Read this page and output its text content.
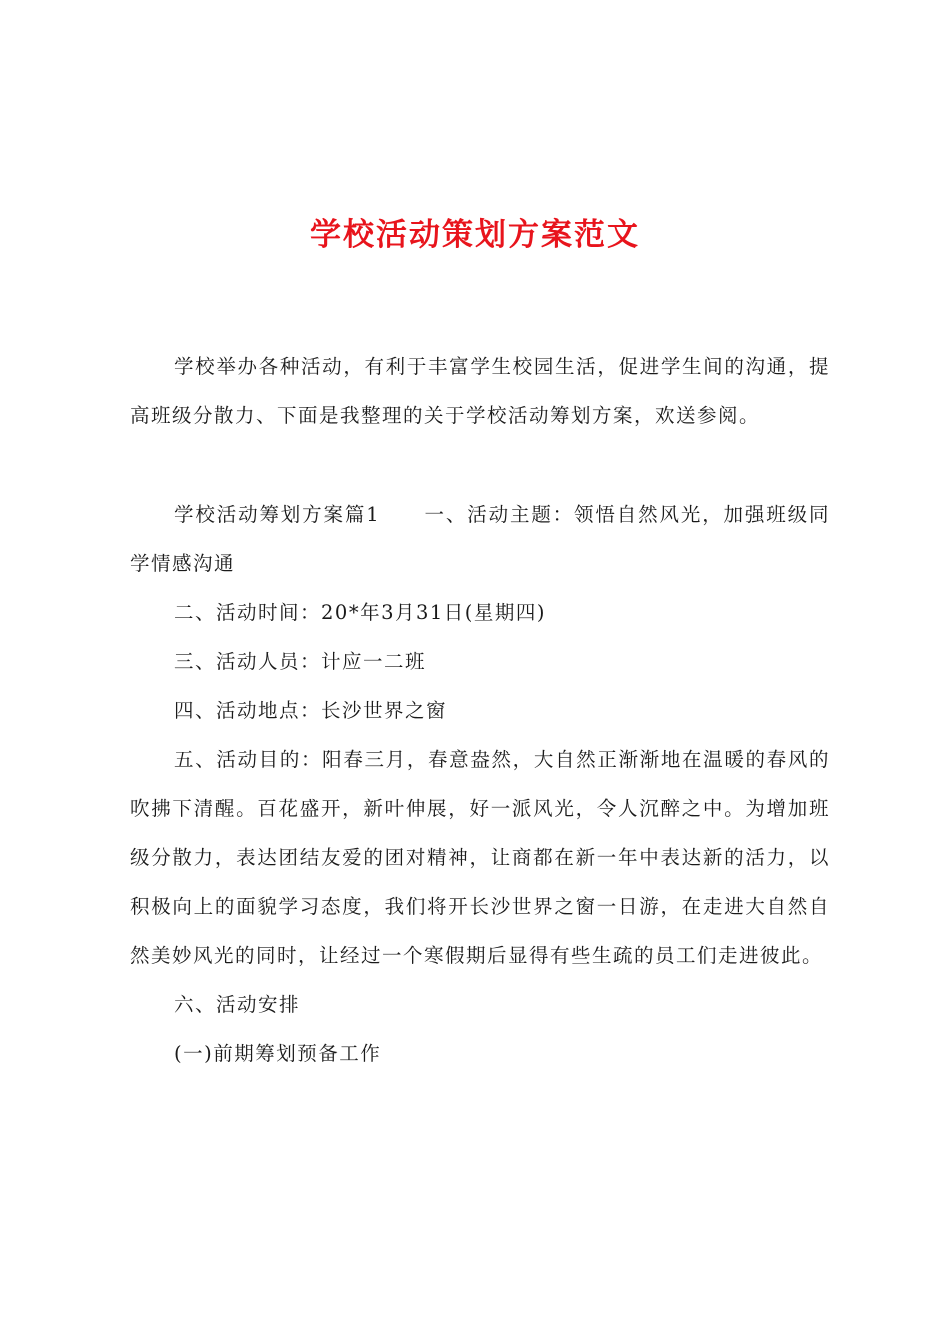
学校活动策划方案范文

学校举办各种活动，有利于丰富学生校园生活，促进学生间的沟通，提高班级分散力、下面是我整理的关于学校活动筹划方案，欢送参阅。

学校活动筹划方案篇1 一、活动主题：领悟自然风光，加强班级同学情感沟通

二、活动时间：20*年3月31日(星期四)

三、活动人员：计应一二班

四、活动地点：长沙世界之窗

五、活动目的：阳春三月，春意盎然，大自然正渐渐地在温暖的春风的吹拂下清醒。百花盛开，新叶伸展，好一派风光，令人沉醉之中。为增加班级分散力，表达团结友爱的团对精神，让商都在新一年中表达新的活力，以积极向上的面貌学习态度，我们将开长沙世界之窗一日游，在走进大自然自然美妙风光的同时，让经过一个寒假期后显得有些生疏的员工们走进彼此。

六、活动安排

(一)前期筹划预备工作
